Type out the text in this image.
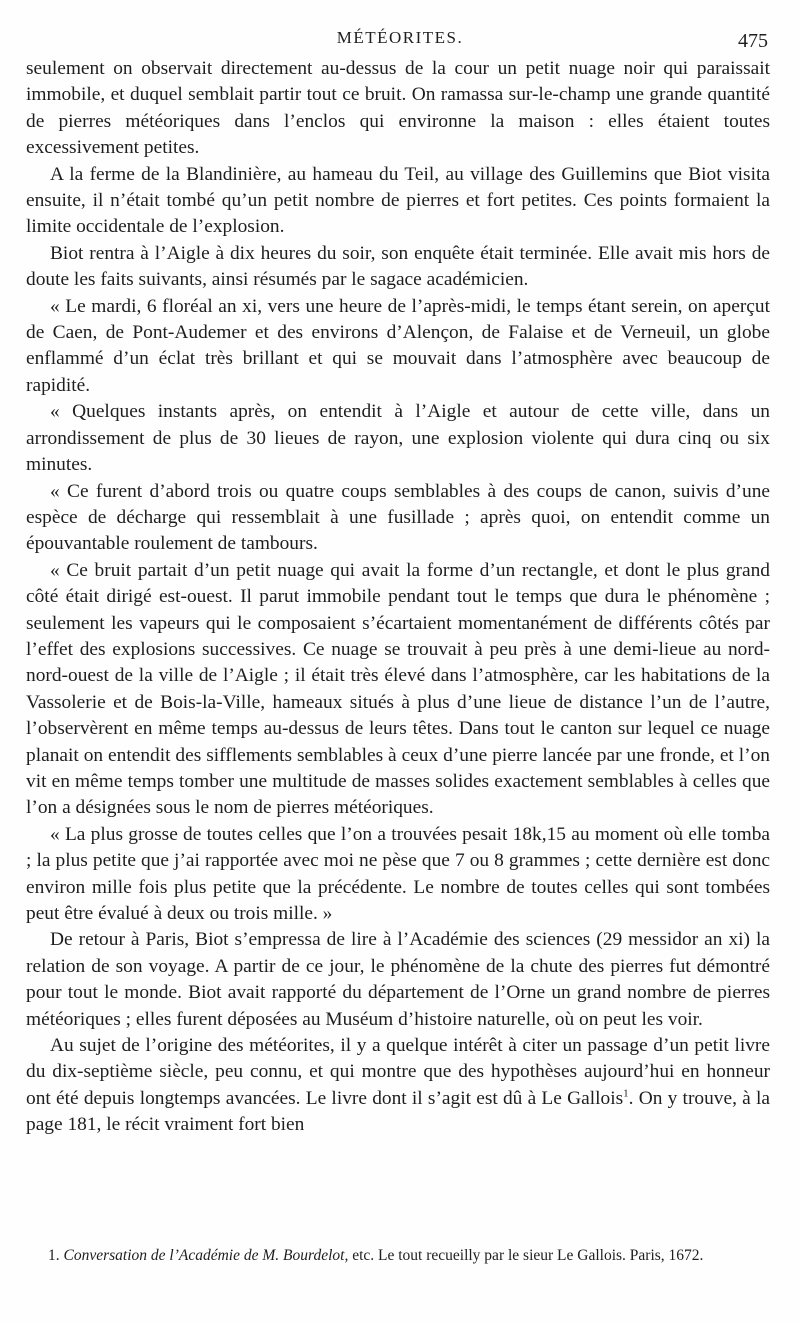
MÉTÉORITES.	475

seulement on observait directement au-dessus de la cour un petit nuage noir qui paraissait immobile, et duquel semblait partir tout ce bruit. On ramassa sur-le-champ une grande quantité de pierres météoriques dans l’enclos qui environne la maison : elles étaient toutes excessivement petites.

A la ferme de la Blandinière, au hameau du Teil, au village des Guillemins que Biot visita ensuite, il n’était tombé qu’un petit nombre de pierres et fort petites. Ces points formaient la limite occidentale de l’explosion.

Biot rentra à l’Aigle à dix heures du soir, son enquête était terminée. Elle avait mis hors de doute les faits suivants, ainsi résumés par le sagace académicien.

« Le mardi, 6 floréal an xi, vers une heure de l’après-midi, le temps étant serein, on aperçut de Caen, de Pont-Audemer et des environs d’Alençon, de Falaise et de Verneuil, un globe enflammé d’un éclat très brillant et qui se mouvait dans l’atmosphère avec beaucoup de rapidité.

« Quelques instants après, on entendit à l’Aigle et autour de cette ville, dans un arrondissement de plus de 30 lieues de rayon, une explosion violente qui dura cinq ou six minutes.

« Ce furent d’abord trois ou quatre coups semblables à des coups de canon, suivis d’une espèce de décharge qui ressemblait à une fusillade ; après quoi, on entendit comme un épouvantable roulement de tambours.

« Ce bruit partait d’un petit nuage qui avait la forme d’un rectangle, et dont le plus grand côté était dirigé est-ouest. Il parut immobile pendant tout le temps que dura le phénomène ; seulement les vapeurs qui le composaient s’écartaient momentanément de différents côtés par l’effet des explosions successives. Ce nuage se trouvait à peu près à une demi-lieue au nord-nord-ouest de la ville de l’Aigle ; il était très élevé dans l’atmosphère, car les habitations de la Vassolerie et de Bois-la-Ville, hameaux situés à plus d’une lieue de distance l’un de l’autre, l’observèrent en même temps au-dessus de leurs têtes. Dans tout le canton sur lequel ce nuage planait on entendit des sifflements semblables à ceux d’une pierre lancée par une fronde, et l’on vit en même temps tomber une multitude de masses solides exactement semblables à celles que l’on a désignées sous le nom de pierres météoriques.

« La plus grosse de toutes celles que l’on a trouvées pesait 18k,15 au moment où elle tomba ; la plus petite que j’ai rapportée avec moi ne pèse que 7 ou 8 grammes ; cette dernière est donc environ mille fois plus petite que la précédente. Le nombre de toutes celles qui sont tombées peut être évalué à deux ou trois mille. »

De retour à Paris, Biot s’empressa de lire à l’Académie des sciences (29 messidor an xi) la relation de son voyage. A partir de ce jour, le phénomène de la chute des pierres fut démontré pour tout le monde. Biot avait rapporté du département de l’Orne un grand nombre de pierres météoriques ; elles furent déposées au Muséum d’histoire naturelle, où on peut les voir.

Au sujet de l’origine des météorites, il y a quelque intérêt à citer un passage d’un petit livre du dix-septième siècle, peu connu, et qui montre que des hypothèses aujourd’hui en honneur ont été depuis longtemps avancées. Le livre dont il s’agit est dû à Le Gallois$^1$. On y trouve, à la page 181, le récit vraiment fort bien

1. Conversation de l’Académie de M. Bourdelot, etc. Le tout recueilly par le sieur Le Gallois. Paris, 1672.
